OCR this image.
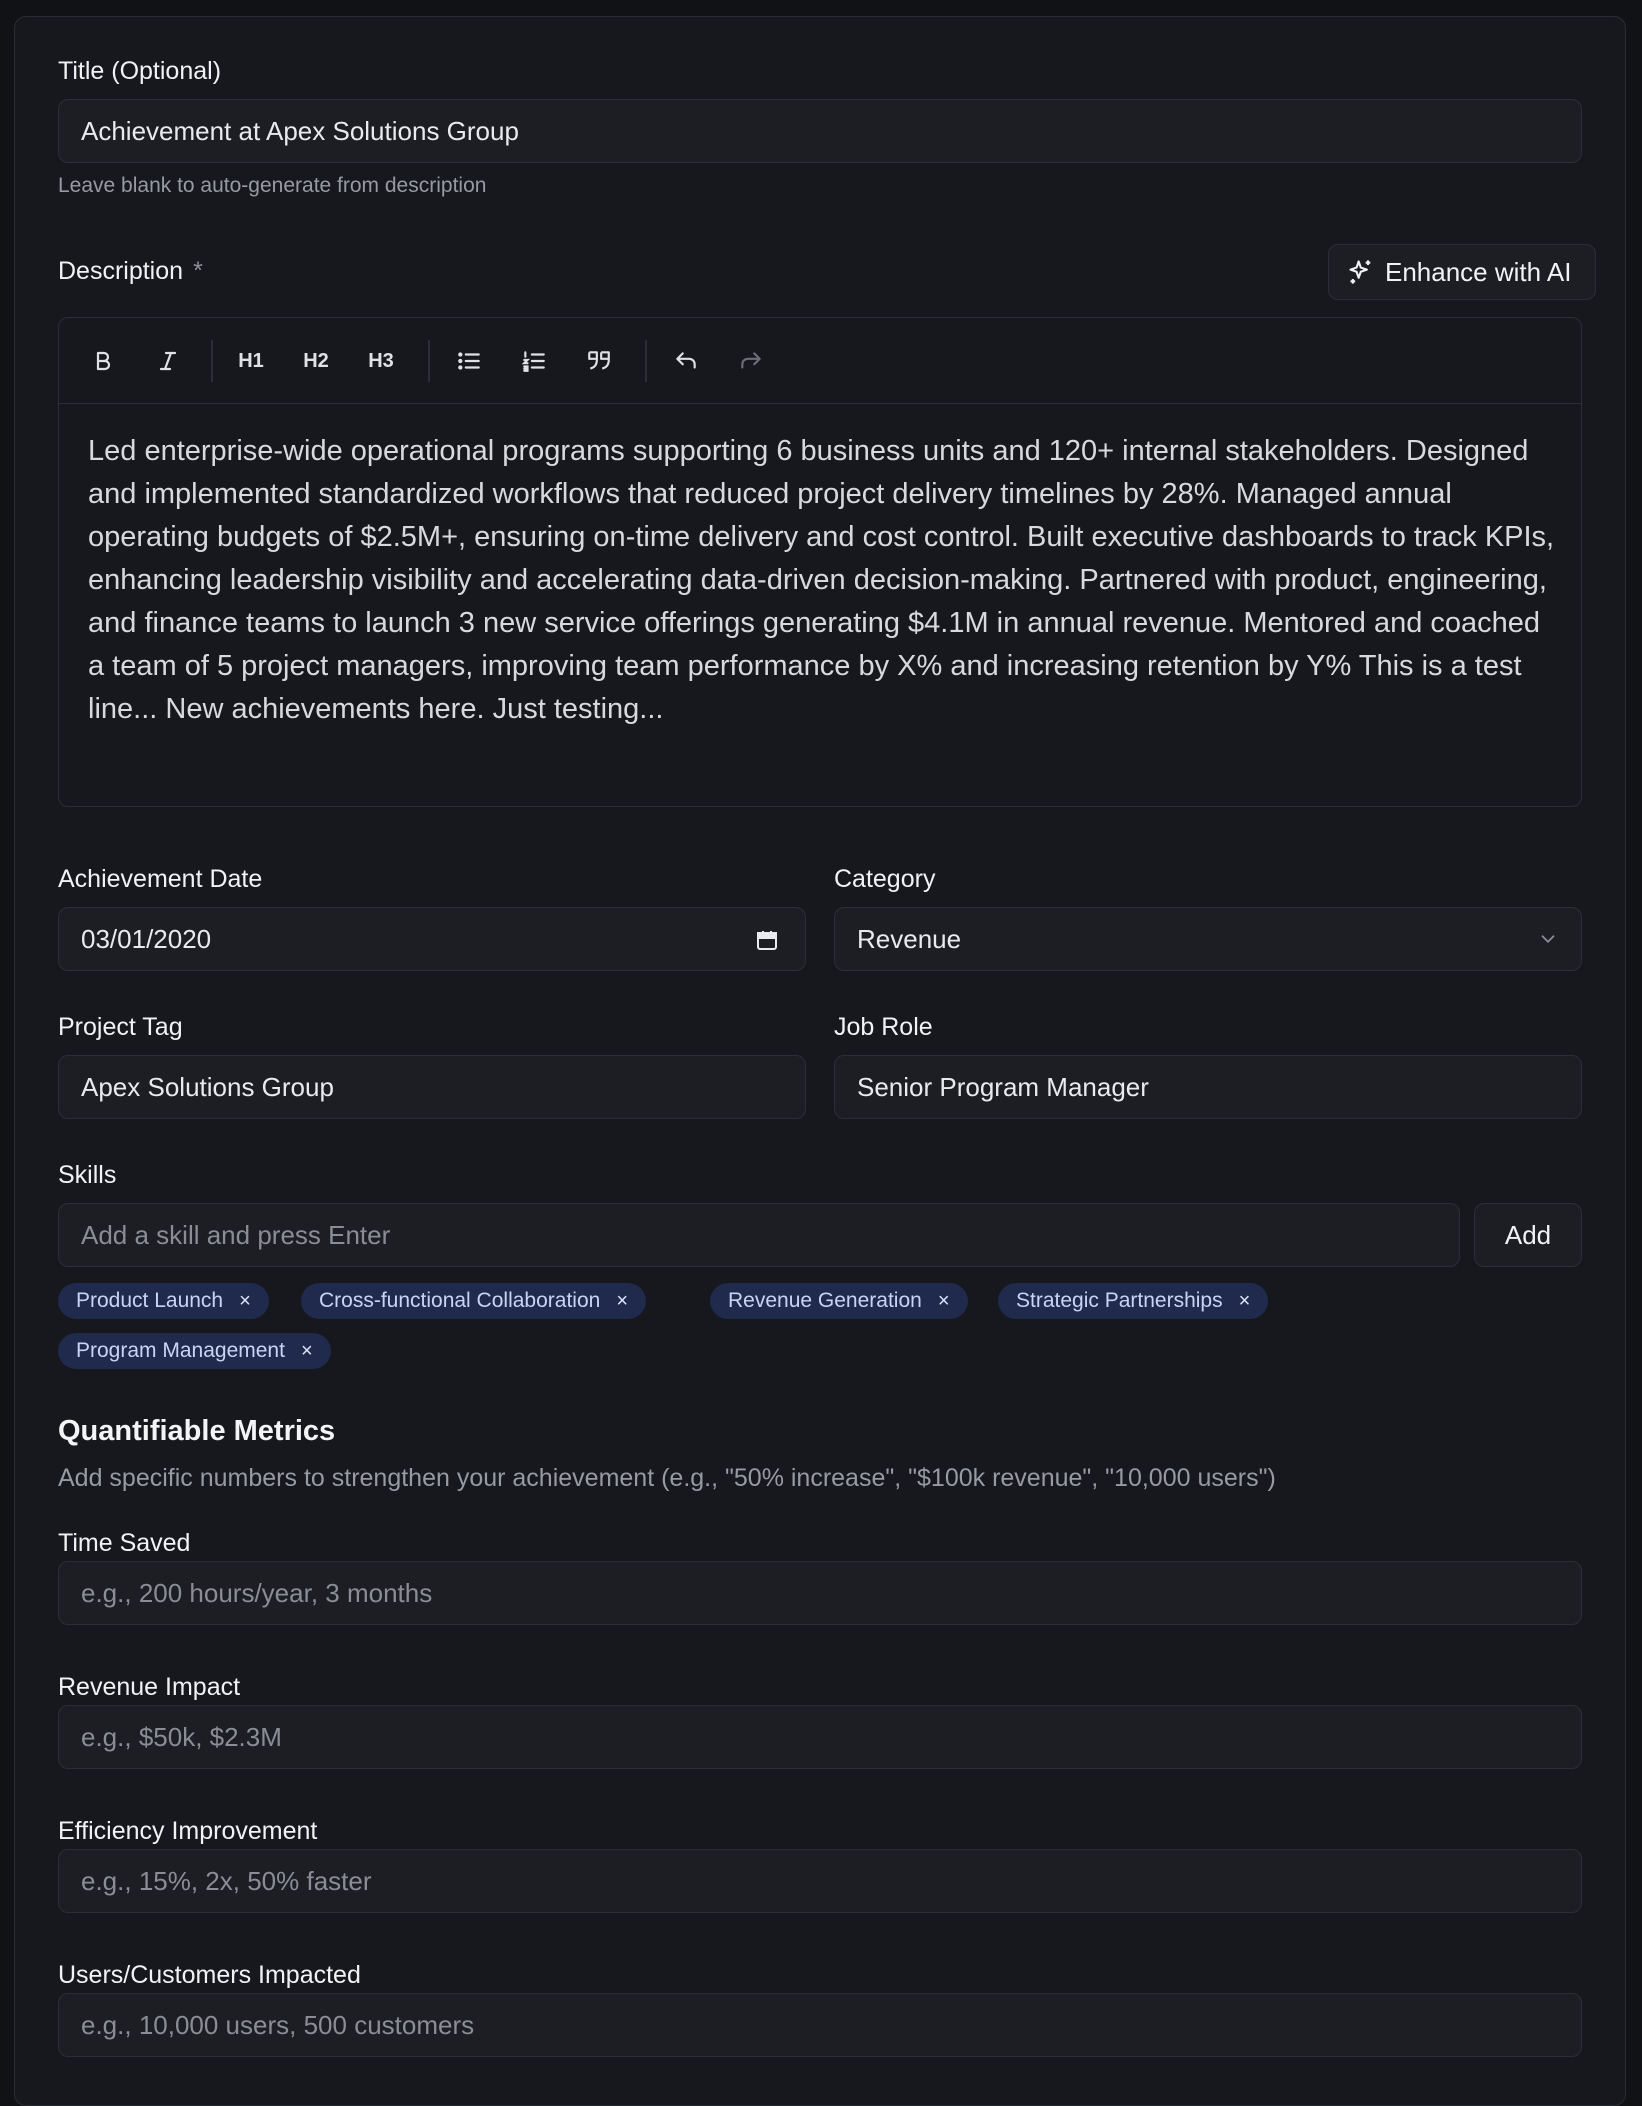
Title (Optional)
Achievement at Apex Solutions Group
Leave blank to auto-generate from description
Description *	Enhance with AI
H1 H2 H3
Led enterprise-wide operational programs supporting 6 business units and 120+ internal stakeholders. Designed and implemented standardized workflows that reduced project delivery timelines by 28%. Managed annual operating budgets of $2.5M+, ensuring on-time delivery and cost control. Built executive dashboards to track KPIs, enhancing leadership visibility and accelerating data-driven decision-making. Partnered with product, engineering, and finance teams to launch 3 new service offerings generating $4.1M in annual revenue. Mentored and coached a team of 5 project managers, improving team performance by X% and increasing retention by Y% This is a test line... New achievements here. Just testing...
Achievement Date
03/01/2020
Category
Revenue
Project Tag
Apex Solutions Group
Job Role
Senior Program Manager
Skills
Add a skill and press Enter	Add
Product Launch ×	Cross-functional Collaboration ×	Revenue Generation ×	Strategic Partnerships ×
Program Management ×
Quantifiable Metrics
Add specific numbers to strengthen your achievement (e.g., "50% increase", "$100k revenue", "10,000 users")
Time Saved
e.g., 200 hours/year, 3 months
Revenue Impact
e.g., $50k, $2.3M
Efficiency Improvement
e.g., 15%, 2x, 50% faster
Users/Customers Impacted
e.g., 10,000 users, 500 customers
